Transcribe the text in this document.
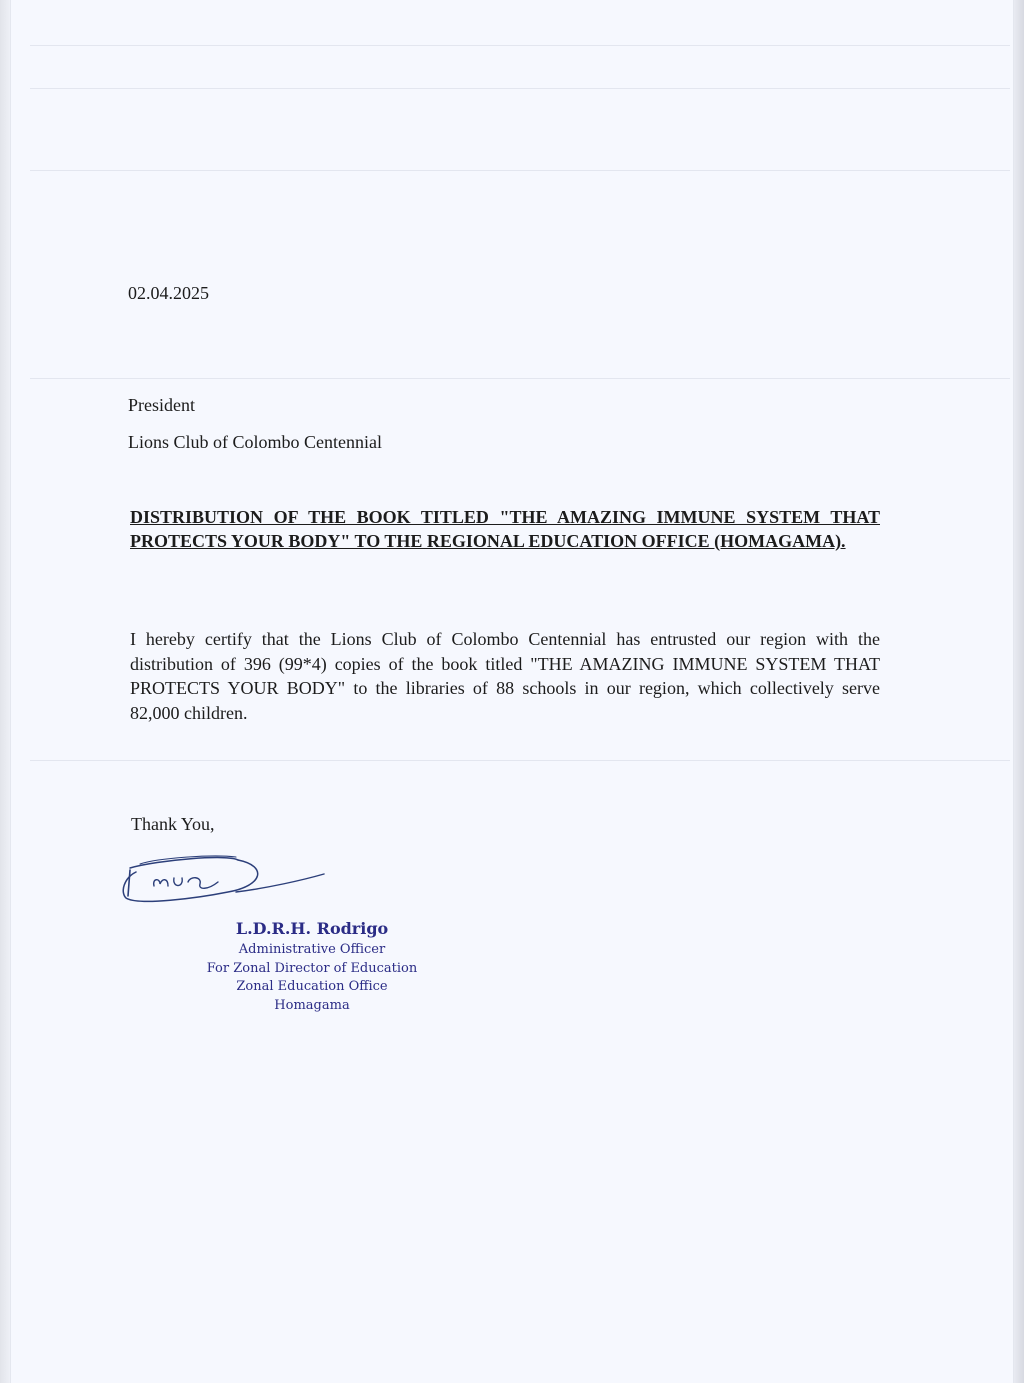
02.04.2025
President
Lions Club of Colombo Centennial
DISTRIBUTION OF THE BOOK TITLED "THE AMAZING IMMUNE SYSTEM THAT PROTECTS YOUR BODY" TO THE REGIONAL EDUCATION OFFICE (HOMAGAMA).
I hereby certify that the Lions Club of Colombo Centennial has entrusted our region with the distribution of 396 (99*4) copies of the book titled "THE AMAZING IMMUNE SYSTEM THAT PROTECTS YOUR BODY" to the libraries of 88 schools in our region, which collectively serve 82,000 children.
Thank You,
L.D.R.H. Rodrigo
Administrative Officer
For Zonal Director of Education
Zonal Education Office
Homagama
